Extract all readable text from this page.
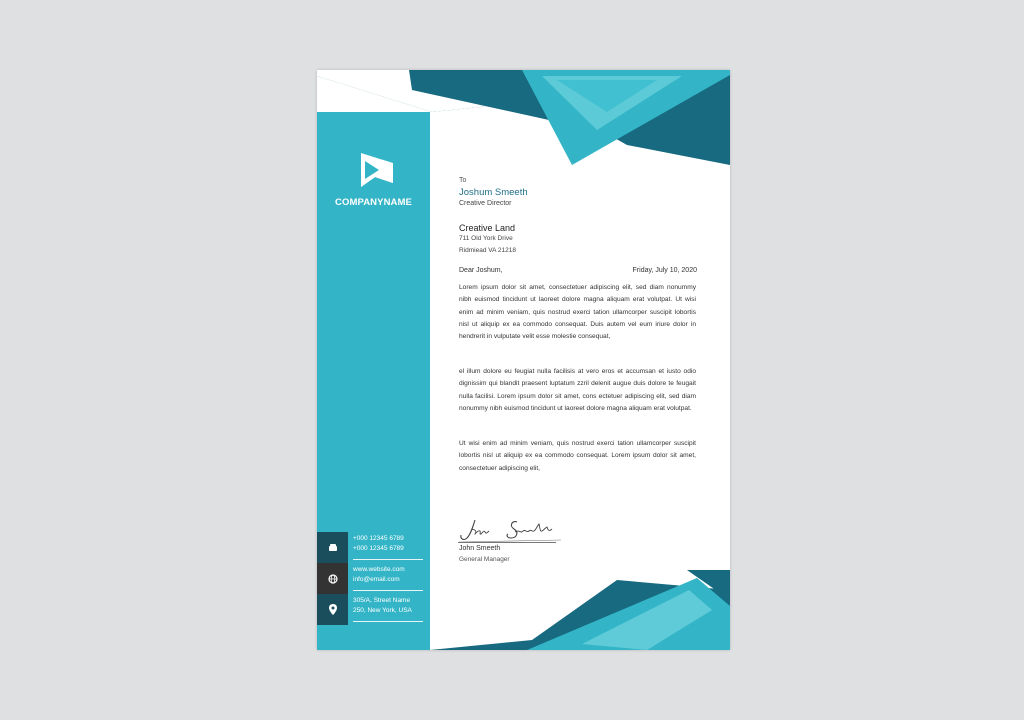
COMPANYNAME
+000 12345 6789
+000 12345 6789
www.website.com
info@email.com
305/A, Street Name
250, New York, USA
To
Joshum Smeeth
Creative Director
Creative Land
711 Old York Drive
Ridmiead VA 21218
Dear Joshum,	Friday, July 10, 2020
Lorem ipsum dolor sit amet, consectetuer adipiscing elit, sed diam nonummy nibh euismod tincidunt ut laoreet dolore magna aliquam erat volutpat. Ut wisi enim ad minim veniam, quis nostrud exerci tation ullamcorper suscipit lobortis nisl ut aliquip ex ea commodo consequat. Duis autem vel eum iriure dolor in hendrerit in vulputate velit esse molestie consequat,
el illum dolore eu feugiat nulla facilisis at vero eros et accumsan et iusto odio dignissim qui blandit praesent luptatum zzril delenit augue duis dolore te feugait nulla facilisi. Lorem ipsum dolor sit amet, cons ectetuer adipiscing elit, sed diam nonummy nibh euismod tincidunt ut laoreet dolore magna aliquam erat volutpat.
Ut wisi enim ad minim veniam, quis nostrud exerci tation ullamcorper suscipit lobortis nisl ut aliquip ex ea commodo consequat. Lorem ipsum dolor sit amet, consectetuer adipiscing elit,
John Smeeth
General Manager
